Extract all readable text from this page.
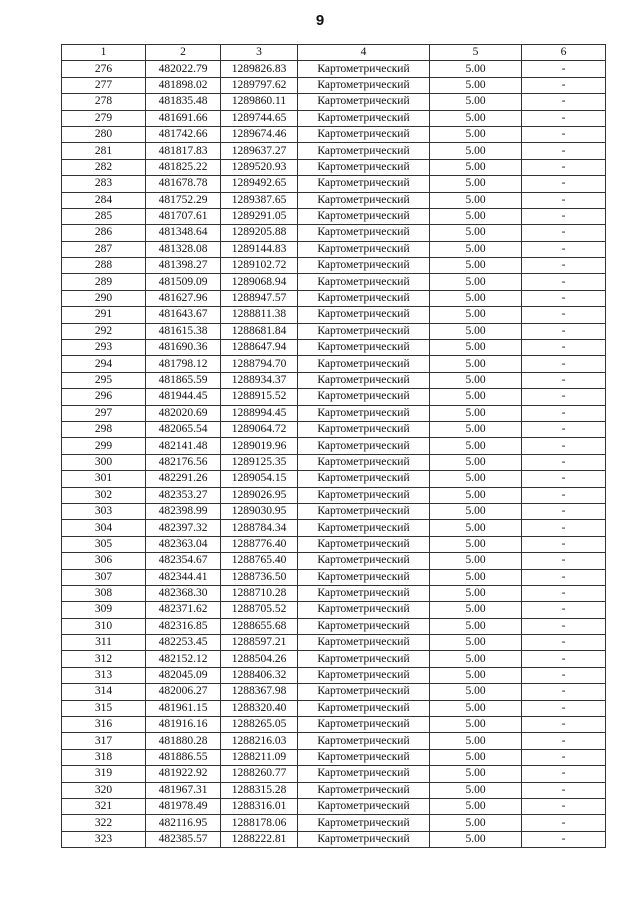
9
1	2	3	4	5	6
276	482022.79	1289826.83	Картометрический	5.00	-
277	481898.02	1289797.62	Картометрический	5.00	-
278	481835.48	1289860.11	Картометрический	5.00	-
279	481691.66	1289744.65	Картометрический	5.00	-
280	481742.66	1289674.46	Картометрический	5.00	-
281	481817.83	1289637.27	Картометрический	5.00	-
282	481825.22	1289520.93	Картометрический	5.00	-
283	481678.78	1289492.65	Картометрический	5.00	-
284	481752.29	1289387.65	Картометрический	5.00	-
285	481707.61	1289291.05	Картометрический	5.00	-
286	481348.64	1289205.88	Картометрический	5.00	-
287	481328.08	1289144.83	Картометрический	5.00	-
288	481398.27	1289102.72	Картометрический	5.00	-
289	481509.09	1289068.94	Картометрический	5.00	-
290	481627.96	1288947.57	Картометрический	5.00	-
291	481643.67	1288811.38	Картометрический	5.00	-
292	481615.38	1288681.84	Картометрический	5.00	-
293	481690.36	1288647.94	Картометрический	5.00	-
294	481798.12	1288794.70	Картометрический	5.00	-
295	481865.59	1288934.37	Картометрический	5.00	-
296	481944.45	1288915.52	Картометрический	5.00	-
297	482020.69	1288994.45	Картометрический	5.00	-
298	482065.54	1289064.72	Картометрический	5.00	-
299	482141.48	1289019.96	Картометрический	5.00	-
300	482176.56	1289125.35	Картометрический	5.00	-
301	482291.26	1289054.15	Картометрический	5.00	-
302	482353.27	1289026.95	Картометрический	5.00	-
303	482398.99	1289030.95	Картометрический	5.00	-
304	482397.32	1288784.34	Картометрический	5.00	-
305	482363.04	1288776.40	Картометрический	5.00	-
306	482354.67	1288765.40	Картометрический	5.00	-
307	482344.41	1288736.50	Картометрический	5.00	-
308	482368.30	1288710.28	Картометрический	5.00	-
309	482371.62	1288705.52	Картометрический	5.00	-
310	482316.85	1288655.68	Картометрический	5.00	-
311	482253.45	1288597.21	Картометрический	5.00	-
312	482152.12	1288504.26	Картометрический	5.00	-
313	482045.09	1288406.32	Картометрический	5.00	-
314	482006.27	1288367.98	Картометрический	5.00	-
315	481961.15	1288320.40	Картометрический	5.00	-
316	481916.16	1288265.05	Картометрический	5.00	-
317	481880.28	1288216.03	Картометрический	5.00	-
318	481886.55	1288211.09	Картометрический	5.00	-
319	481922.92	1288260.77	Картометрический	5.00	-
320	481967.31	1288315.28	Картометрический	5.00	-
321	481978.49	1288316.01	Картометрический	5.00	-
322	482116.95	1288178.06	Картометрический	5.00	-
323	482385.57	1288222.81	Картометрический	5.00	-
